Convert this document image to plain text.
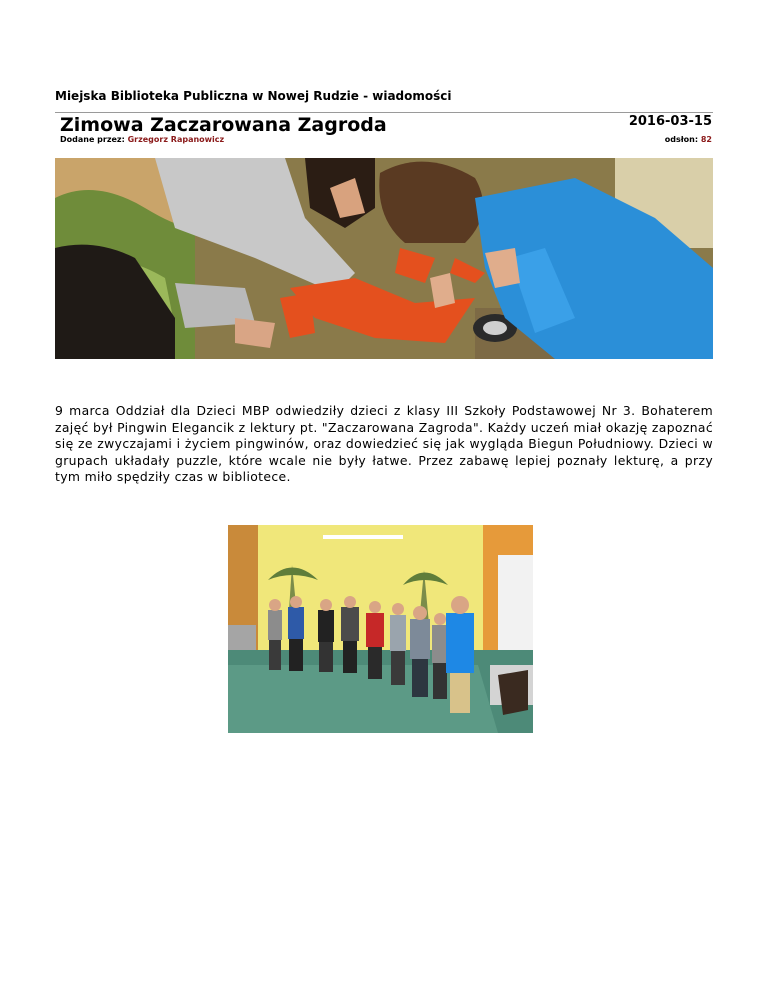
Miejska Biblioteka Publiczna w Nowej Rudzie - wiadomości
Zimowa Zaczarowana Zagroda	2016-03-15
Dodane przez: Grzegorz Rapanowicz	odsłon: 82
9 marca Oddział dla Dzieci MBP odwiedziły dzieci z klasy III Szkoły Podstawowej Nr 3. Bohaterem zajęć był Pingwin Elegancik z lektury pt. "Zaczarowana Zagroda". Każdy uczeń miał okazję zapoznać się ze zwyczajami i życiem pingwinów, oraz dowiedzieć się jak wygląda Biegun Południowy. Dzieci w grupach układały puzzle, które wcale nie były łatwe. Przez zabawę lepiej poznały lekturę, a przy tym miło spędziły czas w bibliotece.
